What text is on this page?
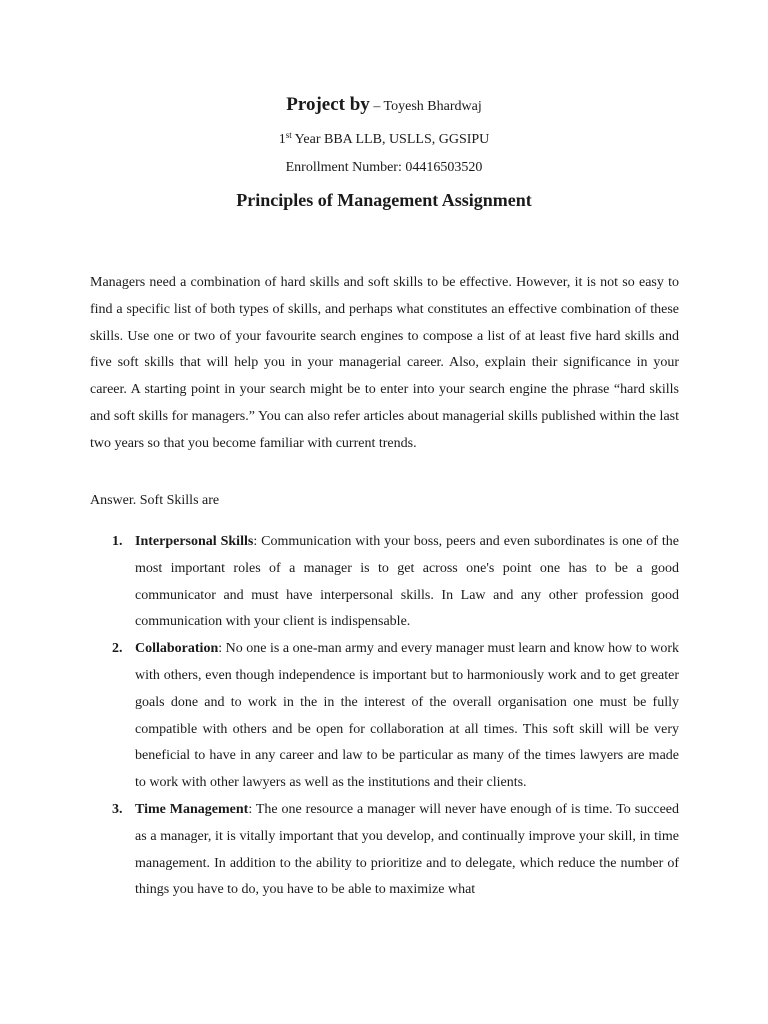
Project by – Toyesh Bhardwaj
1st Year BBA LLB, USLLS, GGSIPU
Enrollment Number: 04416503520
Principles of Management Assignment

Managers need a combination of hard skills and soft skills to be effective. However, it is not so easy to find a specific list of both types of skills, and perhaps what constitutes an effective combination of these skills. Use one or two of your favourite search engines to compose a list of at least five hard skills and five soft skills that will help you in your managerial career. Also, explain their significance in your career. A starting point in your search might be to enter into your search engine the phrase “hard skills and soft skills for managers.” You can also refer articles about managerial skills published within the last two years so that you become familiar with current trends.

Answer. Soft Skills are

1. Interpersonal Skills: Communication with your boss, peers and even subordinates is one of the most important roles of a manager is to get across one's point one has to be a good communicator and must have interpersonal skills. In Law and any other profession good communication with your client is indispensable.
2. Collaboration: No one is a one-man army and every manager must learn and know how to work with others, even though independence is important but to harmoniously work and to get greater goals done and to work in the in the interest of the overall organisation one must be fully compatible with others and be open for collaboration at all times. This soft skill will be very beneficial to have in any career and law to be particular as many of the times lawyers are made to work with other lawyers as well as the institutions and their clients.
3. Time Management: The one resource a manager will never have enough of is time. To succeed as a manager, it is vitally important that you develop, and continually improve your skill, in time management. In addition to the ability to prioritize and to delegate, which reduce the number of things you have to do, you have to be able to maximize what
